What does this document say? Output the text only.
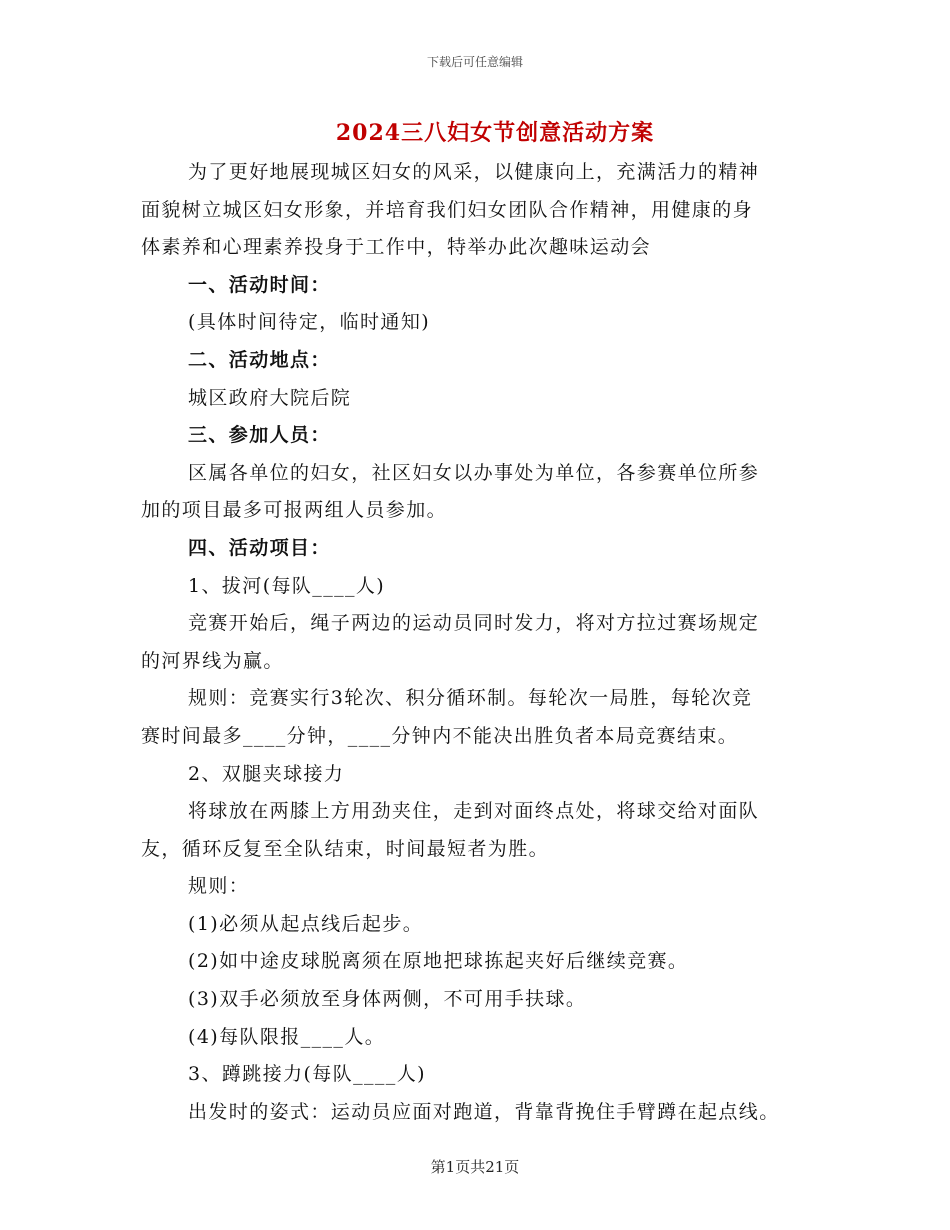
下载后可任意编辑
2024三八妇女节创意活动方案
为了更好地展现城区妇女的风采，以健康向上，充满活力的精神
面貌树立城区妇女形象，并培育我们妇女团队合作精神，用健康的身
体素养和心理素养投身于工作中，特举办此次趣味运动会
一、活动时间：
(具体时间待定，临时通知)
二、活动地点：
城区政府大院后院
三、参加人员：
区属各单位的妇女，社区妇女以办事处为单位，各参赛单位所参
加的项目最多可报两组人员参加。
四、活动项目：
1、拔河(每队____人)
竞赛开始后，绳子两边的运动员同时发力，将对方拉过赛场规定
的河界线为赢。
规则：竞赛实行3轮次、积分循环制。每轮次一局胜，每轮次竞
赛时间最多____分钟，____分钟内不能决出胜负者本局竞赛结束。
2、双腿夹球接力
将球放在两膝上方用劲夹住，走到对面终点处，将球交给对面队
友，循环反复至全队结束，时间最短者为胜。
规则：
(1)必须从起点线后起步。
(2)如中途皮球脱离须在原地把球拣起夹好后继续竞赛。
(3)双手必须放至身体两侧，不可用手扶球。
(4)每队限报____人。
3、蹲跳接力(每队____人)
出发时的姿式：运动员应面对跑道，背靠背挽住手臂蹲在起点线。
第1页共21页
